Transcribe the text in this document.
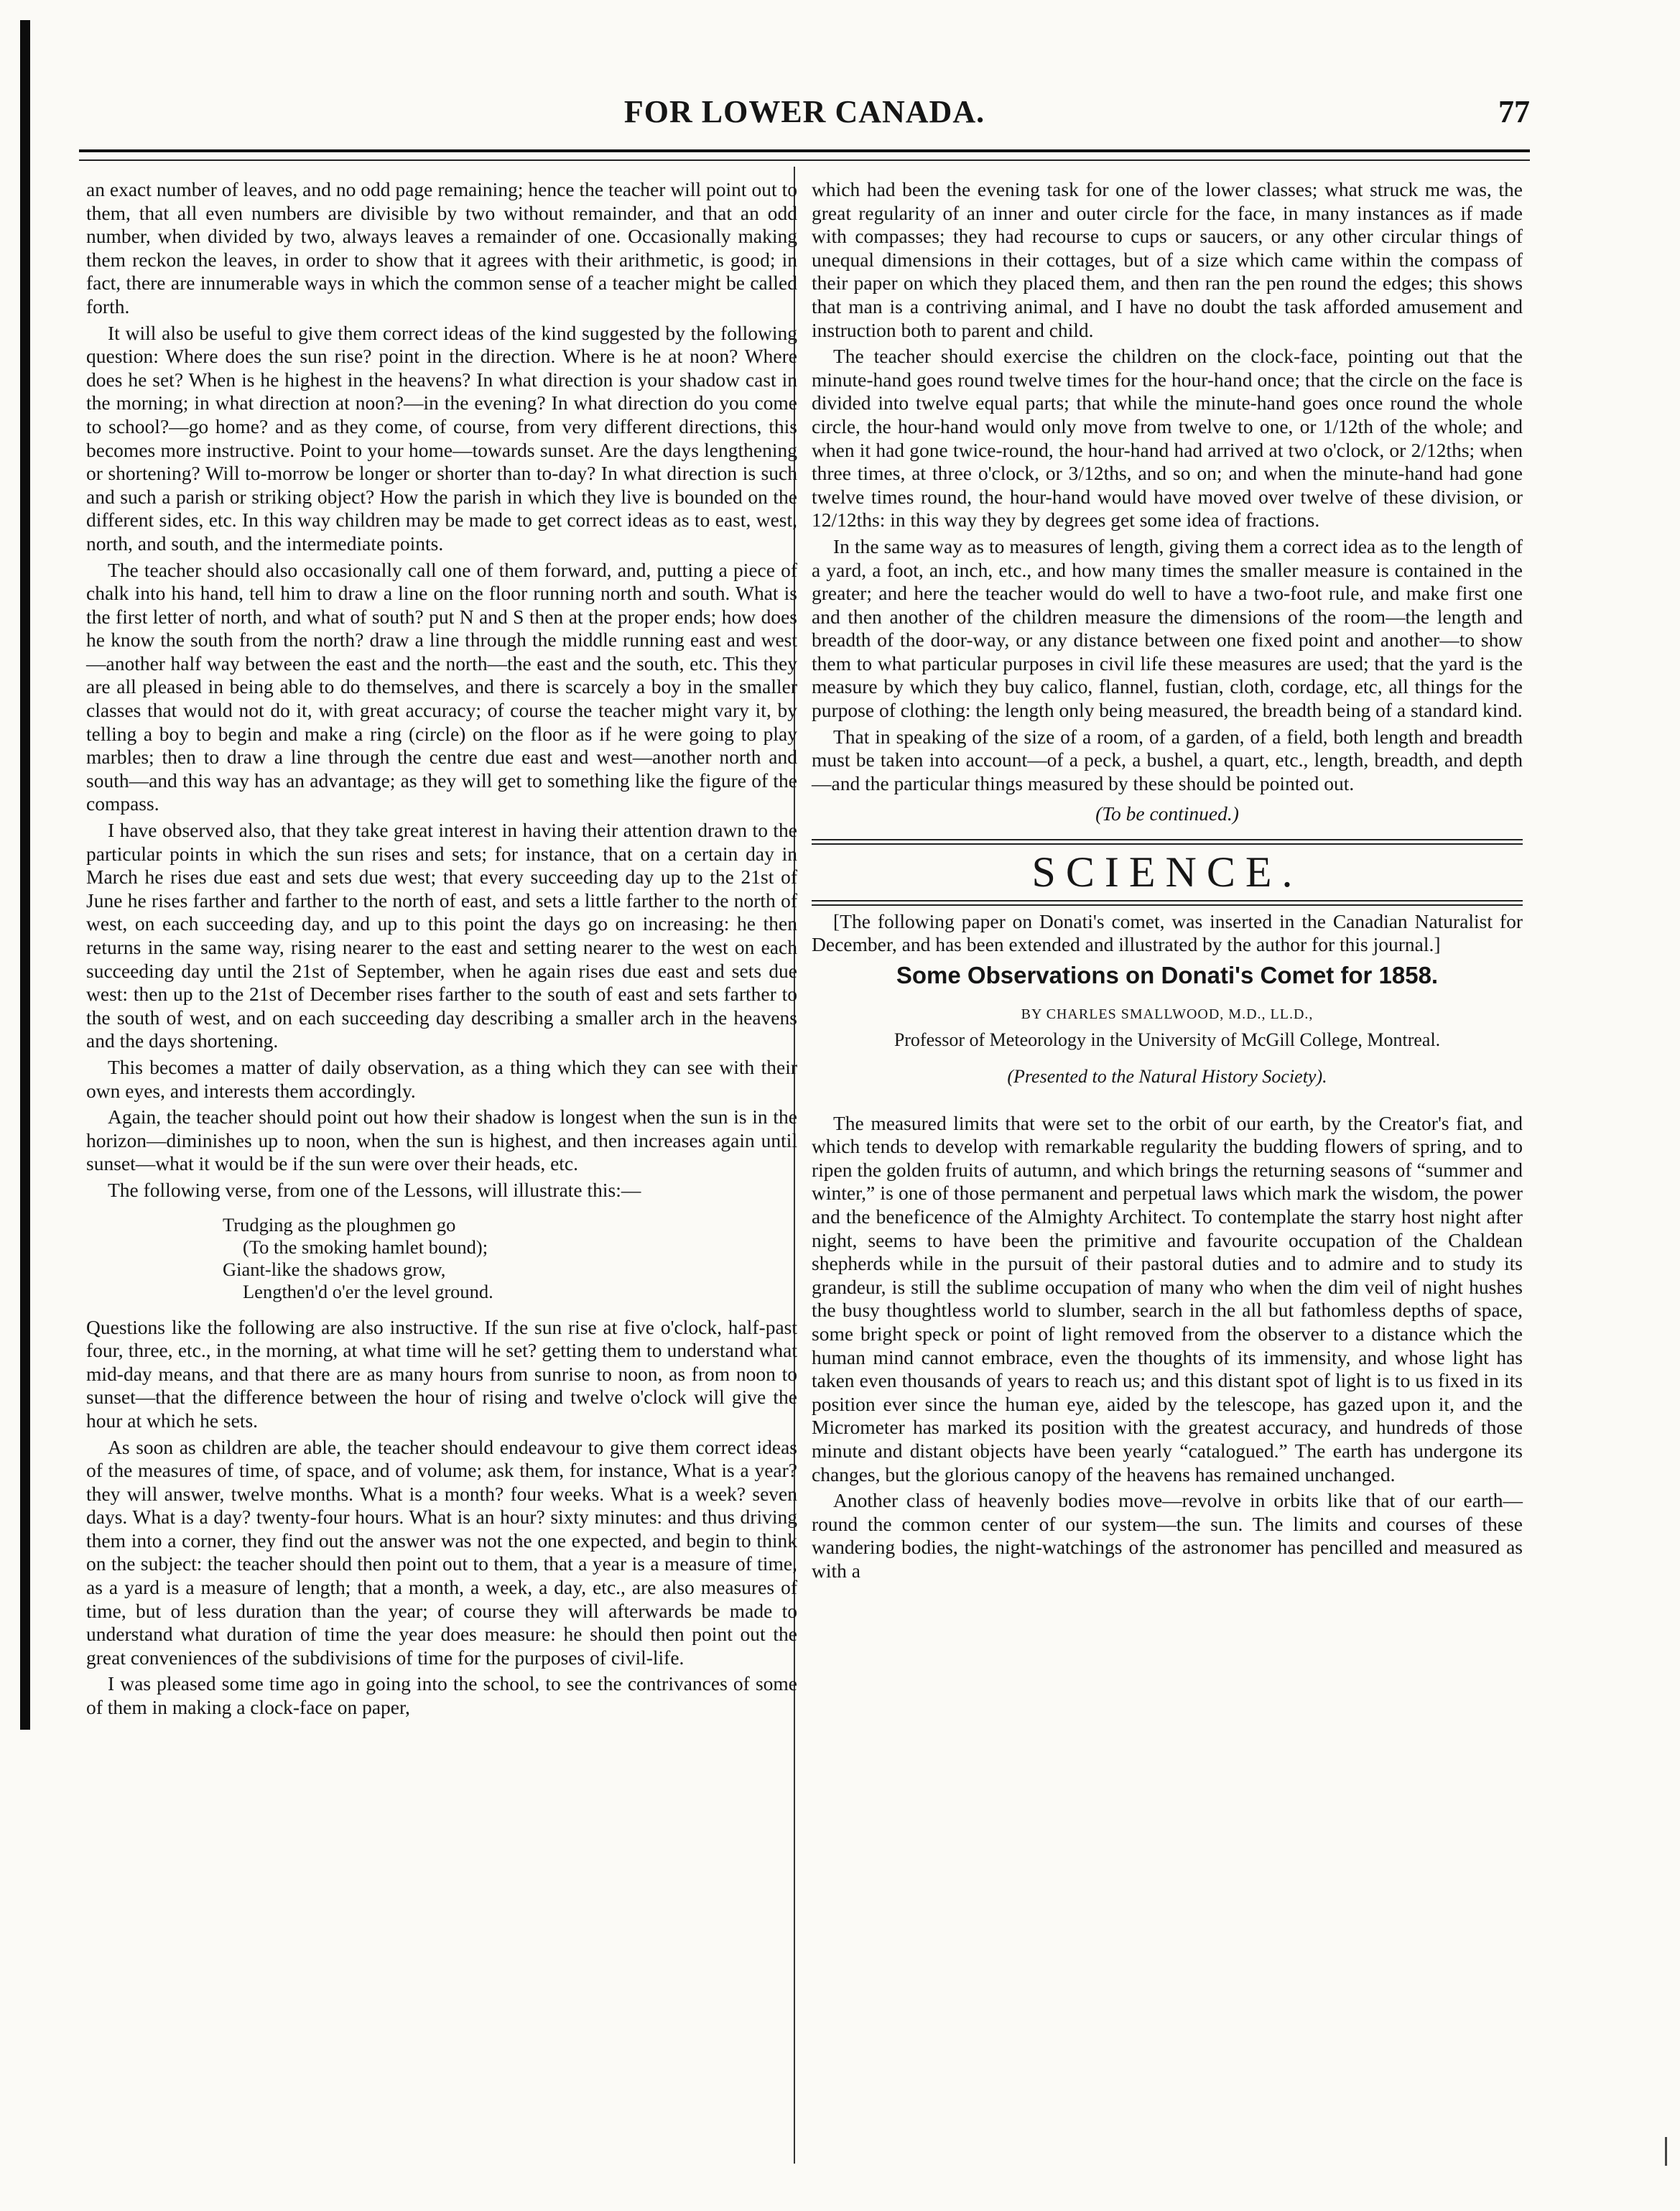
FOR LOWER CANADA.	77

an exact number of leaves, and no odd page remaining; hence the teacher will point out to them, that all even numbers are divisible by two without remainder, and that an odd number, when divided by two, always leaves a remainder of one. Occasionally making them reckon the leaves, in order to show that it agrees with their arithmetic, is good; in fact, there are innumerable ways in which the common sense of a teacher might be called forth.

It will also be useful to give them correct ideas of the kind suggested by the following question: Where does the sun rise? point in the direction. Where is he at noon? Where does he set? When is he highest in the heavens? In what direction is your shadow cast in the morning; in what direction at noon?—in the evening? In what direction do you come to school?—go home? and as they come, of course, from very different directions, this becomes more instructive. Point to your home—towards sunset. Are the days lengthening or shortening? Will to-morrow be longer or shorter than to-day? In what direction is such and such a parish or striking object? How the parish in which they live is bounded on the different sides, etc. In this way children may be made to get correct ideas as to east, west, north, and south, and the intermediate points.

The teacher should also occasionally call one of them forward, and, putting a piece of chalk into his hand, tell him to draw a line on the floor running north and south. What is the first letter of north, and what of south? put N and S then at the proper ends; how does he know the south from the north? draw a line through the middle running east and west—another half way between the east and the north—the east and the south, etc. This they are all pleased in being able to do themselves, and there is scarcely a boy in the smaller classes that would not do it, with great accuracy; of course the teacher might vary it, by telling a boy to begin and make a ring (circle) on the floor as if he were going to play marbles; then to draw a line through the centre due east and west—another north and south—and this way has an advantage; as they will get to something like the figure of the compass.

I have observed also, that they take great interest in having their attention drawn to the particular points in which the sun rises and sets; for instance, that on a certain day in March he rises due east and sets due west; that every succeeding day up to the 21st of June he rises farther and farther to the north of east, and sets a little farther to the north of west, on each succeeding day, and up to this point the days go on increasing: he then returns in the same way, rising nearer to the east and setting nearer to the west on each succeeding day until the 21st of September, when he again rises due east and sets due west: then up to the 21st of December rises farther to the south of east and sets farther to the south of west, and on each succeeding day describing a smaller arch in the heavens and the days shortening.

This becomes a matter of daily observation, as a thing which they can see with their own eyes, and interests them accordingly.

Again, the teacher should point out how their shadow is longest when the sun is in the horizon—diminishes up to noon, when the sun is highest, and then increases again until sunset—what it would be if the sun were over their heads, etc.

The following verse, from one of the Lessons, will illustrate this:—

Trudging as the ploughmen go
(To the smoking hamlet bound);
Giant-like the shadows grow,
Lengthen'd o'er the level ground.

Questions like the following are also instructive. If the sun rise at five o'clock, half-past four, three, etc., in the morning, at what time will he set? getting them to understand what mid-day means, and that there are as many hours from sunrise to noon, as from noon to sunset—that the difference between the hour of rising and twelve o'clock will give the hour at which he sets.

As soon as children are able, the teacher should endeavour to give them correct ideas of the measures of time, of space, and of volume; ask them, for instance, What is a year? they will answer, twelve months. What is a month? four weeks. What is a week? seven days. What is a day? twenty-four hours. What is an hour? sixty minutes: and thus driving them into a corner, they find out the answer was not the one expected, and begin to think on the subject: the teacher should then point out to them, that a year is a measure of time, as a yard is a measure of length; that a month, a week, a day, etc., are also measures of time, but of less duration than the year; of course they will afterwards be made to understand what duration of time the year does measure: he should then point out the great conveniences of the subdivisions of time for the purposes of civil-life.

I was pleased some time ago in going into the school, to see the contrivances of some of them in making a clock-face on paper,

which had been the evening task for one of the lower classes; what struck me was, the great regularity of an inner and outer circle for the face, in many instances as if made with compasses; they had recourse to cups or saucers, or any other circular things of unequal dimensions in their cottages, but of a size which came within the compass of their paper on which they placed them, and then ran the pen round the edges; this shows that man is a contriving animal, and I have no doubt the task afforded amusement and instruction both to parent and child.

The teacher should exercise the children on the clock-face, pointing out that the minute-hand goes round twelve times for the hour-hand once; that the circle on the face is divided into twelve equal parts; that while the minute-hand goes once round the whole circle, the hour-hand would only move from twelve to one, or 1/12th of the whole; and when it had gone twice-round, the hour-hand had arrived at two o'clock, or 2/12ths; when three times, at three o'clock, or 3/12ths, and so on; and when the minute-hand had gone twelve times round, the hour-hand would have moved over twelve of these division, or 12/12ths: in this way they by degrees get some idea of fractions.

In the same way as to measures of length, giving them a correct idea as to the length of a yard, a foot, an inch, etc., and how many times the smaller measure is contained in the greater; and here the teacher would do well to have a two-foot rule, and make first one and then another of the children measure the dimensions of the room—the length and breadth of the door-way, or any distance between one fixed point and another—to show them to what particular purposes in civil life these measures are used; that the yard is the measure by which they buy calico, flannel, fustian, cloth, cordage, etc, all things for the purpose of clothing: the length only being measured, the breadth being of a standard kind.

That in speaking of the size of a room, of a garden, of a field, both length and breadth must be taken into account—of a peck, a bushel, a quart, etc., length, breadth, and depth—and the particular things measured by these should be pointed out.

(To be continued.)
SCIENCE.

[The following paper on Donati's comet, was inserted in the Canadian Naturalist for December, and has been extended and illustrated by the author for this journal.]

Some Observations on Donati's Comet for 1858.
BY CHARLES SMALLWOOD, M.D., LL.D.,
Professor of Meteorology in the University of McGill College, Montreal.
(Presented to the Natural History Society).

The measured limits that were set to the orbit of our earth, by the Creator's fiat, and which tends to develop with remarkable regularity the budding flowers of spring, and to ripen the golden fruits of autumn, and which brings the returning seasons of “summer and winter,” is one of those permanent and perpetual laws which mark the wisdom, the power and the beneficence of the Almighty Architect. To contemplate the starry host night after night, seems to have been the primitive and favourite occupation of the Chaldean shepherds while in the pursuit of their pastoral duties and to admire and to study its grandeur, is still the sublime occupation of many who when the dim veil of night hushes the busy thoughtless world to slumber, search in the all but fathomless depths of space, some bright speck or point of light removed from the observer to a distance which the human mind cannot embrace, even the thoughts of its immensity, and whose light has taken even thousands of years to reach us; and this distant spot of light is to us fixed in its position ever since the human eye, aided by the telescope, has gazed upon it, and the Micrometer has marked its position with the greatest accuracy, and hundreds of those minute and distant objects have been yearly “catalogued.” The earth has undergone its changes, but the glorious canopy of the heavens has remained unchanged.

Another class of heavenly bodies move—revolve in orbits like that of our earth—round the common center of our system—the sun. The limits and courses of these wandering bodies, the night-watchings of the astronomer has pencilled and measured as with a
